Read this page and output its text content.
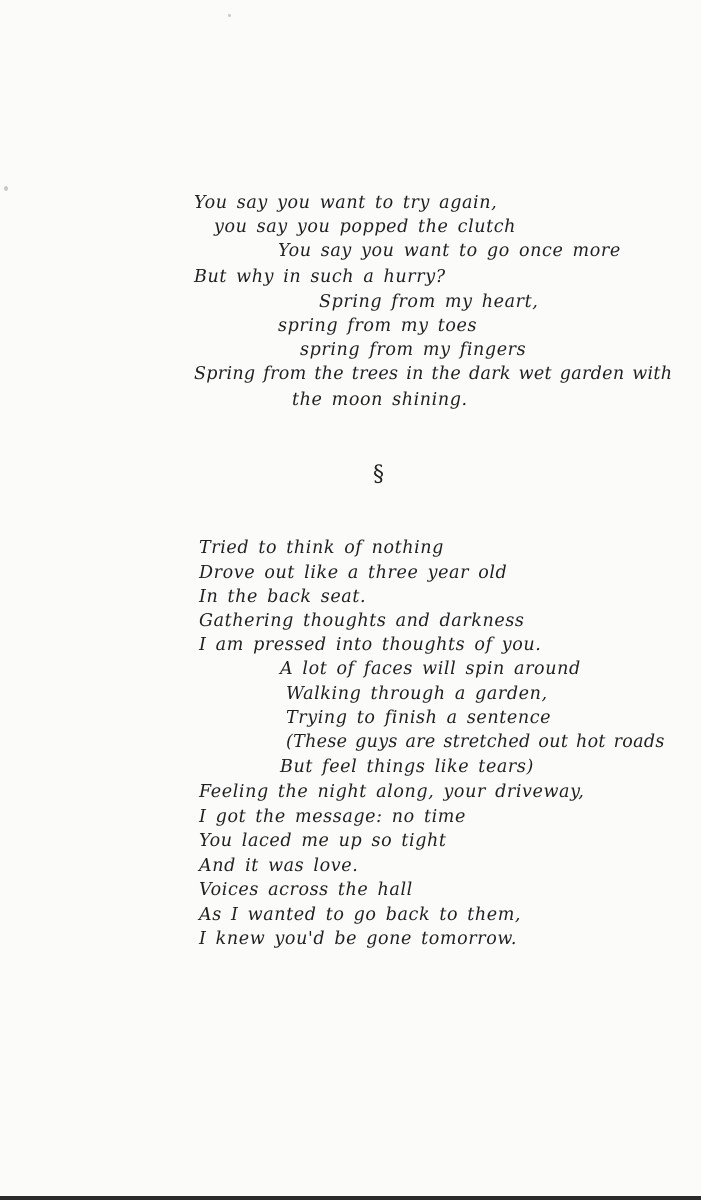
You say you want to try again,
you say you popped the clutch
You say you want to go once more
But why in such a hurry?
Spring from my heart,
spring from my toes
spring from my fingers
Spring from the trees in the dark wet garden with
the moon shining.
§
Tried to think of nothing
Drove out like a three year old
In the back seat.
Gathering thoughts and darkness
I am pressed into thoughts of you.
A lot of faces will spin around
Walking through a garden,
Trying to finish a sentence
(These guys are stretched out hot roads
But feel things like tears)
Feeling the night along, your driveway,
I got the message: no time
You laced me up so tight
And it was love.
Voices across the hall
As I wanted to go back to them,
I knew you'd be gone tomorrow.
